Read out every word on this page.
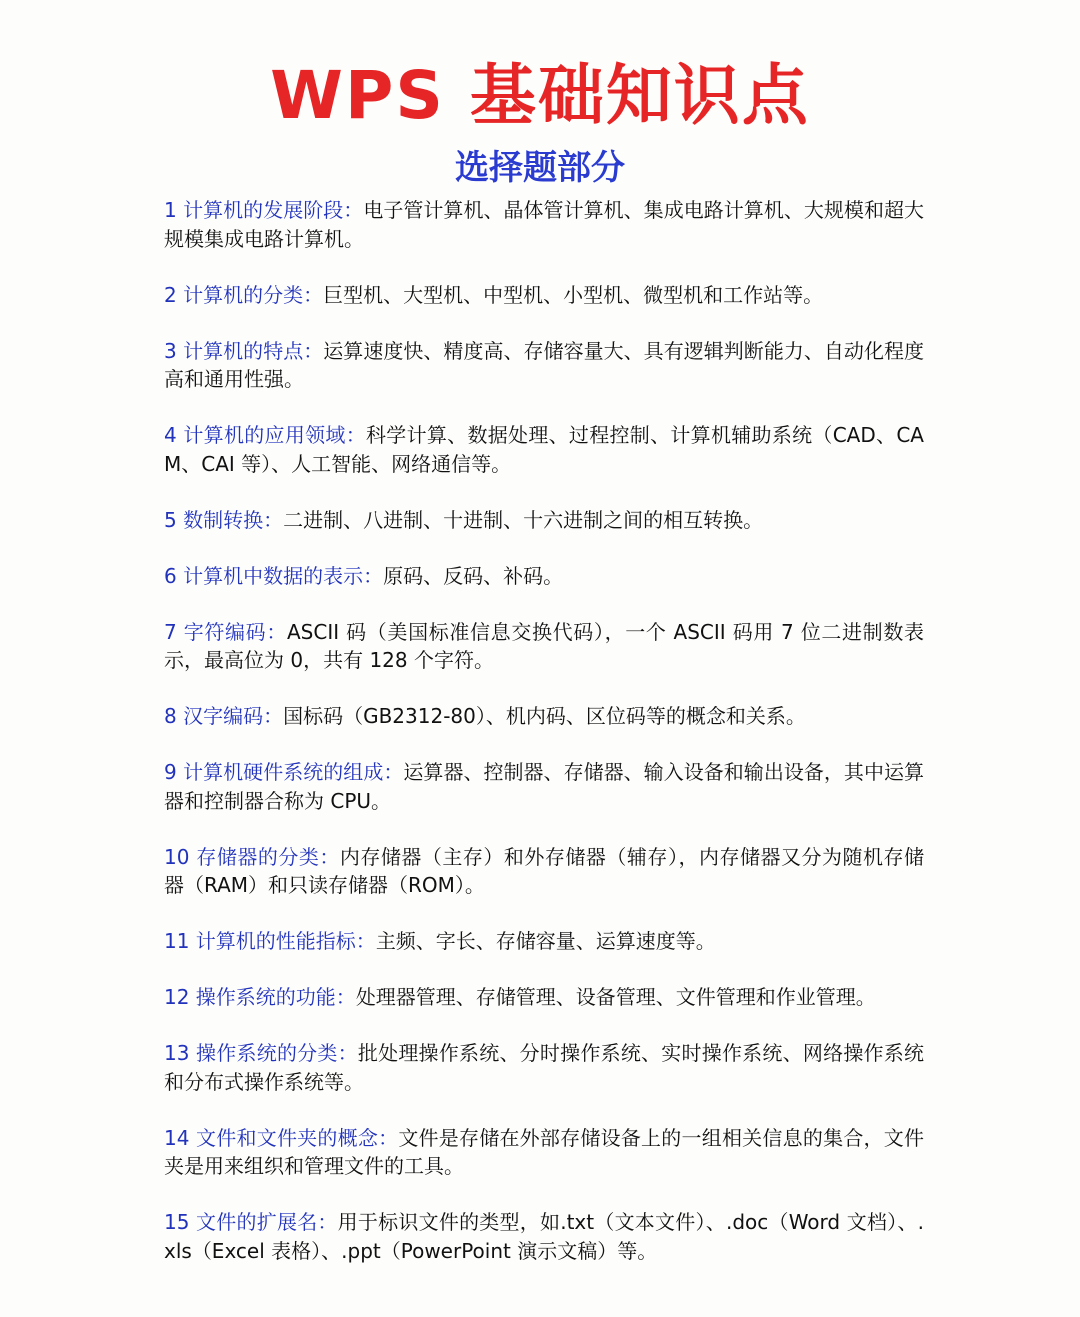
WPS 基础知识点
选择题部分
1 计算机的发展阶段：电子管计算机、晶体管计算机、集成电路计算机、大规模和超大规模集成电路计算机。
2 计算机的分类：巨型机、大型机、中型机、小型机、微型机和工作站等。
3 计算机的特点：运算速度快、精度高、存储容量大、具有逻辑判断能力、自动化程度高和通用性强。
4 计算机的应用领域：科学计算、数据处理、过程控制、计算机辅助系统（CAD、CAM、CAI 等）、人工智能、网络通信等。
5 数制转换：二进制、八进制、十进制、十六进制之间的相互转换。
6 计算机中数据的表示：原码、反码、补码。
7 字符编码：ASCII 码（美国标准信息交换代码），一个 ASCII 码用 7 位二进制数表示，最高位为 0，共有 128 个字符。
8 汉字编码：国标码（GB2312-80）、机内码、区位码等的概念和关系。
9 计算机硬件系统的组成：运算器、控制器、存储器、输入设备和输出设备，其中运算器和控制器合称为 CPU。
10 存储器的分类：内存储器（主存）和外存储器（辅存），内存储器又分为随机存储器（RAM）和只读存储器（ROM）。
11 计算机的性能指标：主频、字长、存储容量、运算速度等。
12 操作系统的功能：处理器管理、存储管理、设备管理、文件管理和作业管理。
13 操作系统的分类：批处理操作系统、分时操作系统、实时操作系统、网络操作系统和分布式操作系统等。
14 文件和文件夹的概念：文件是存储在外部存储设备上的一组相关信息的集合，文件夹是用来组织和管理文件的工具。
15 文件的扩展名：用于标识文件的类型，如.txt（文本文件）、.doc（Word 文档）、.xls（Excel 表格）、.ppt（PowerPoint 演示文稿）等。
